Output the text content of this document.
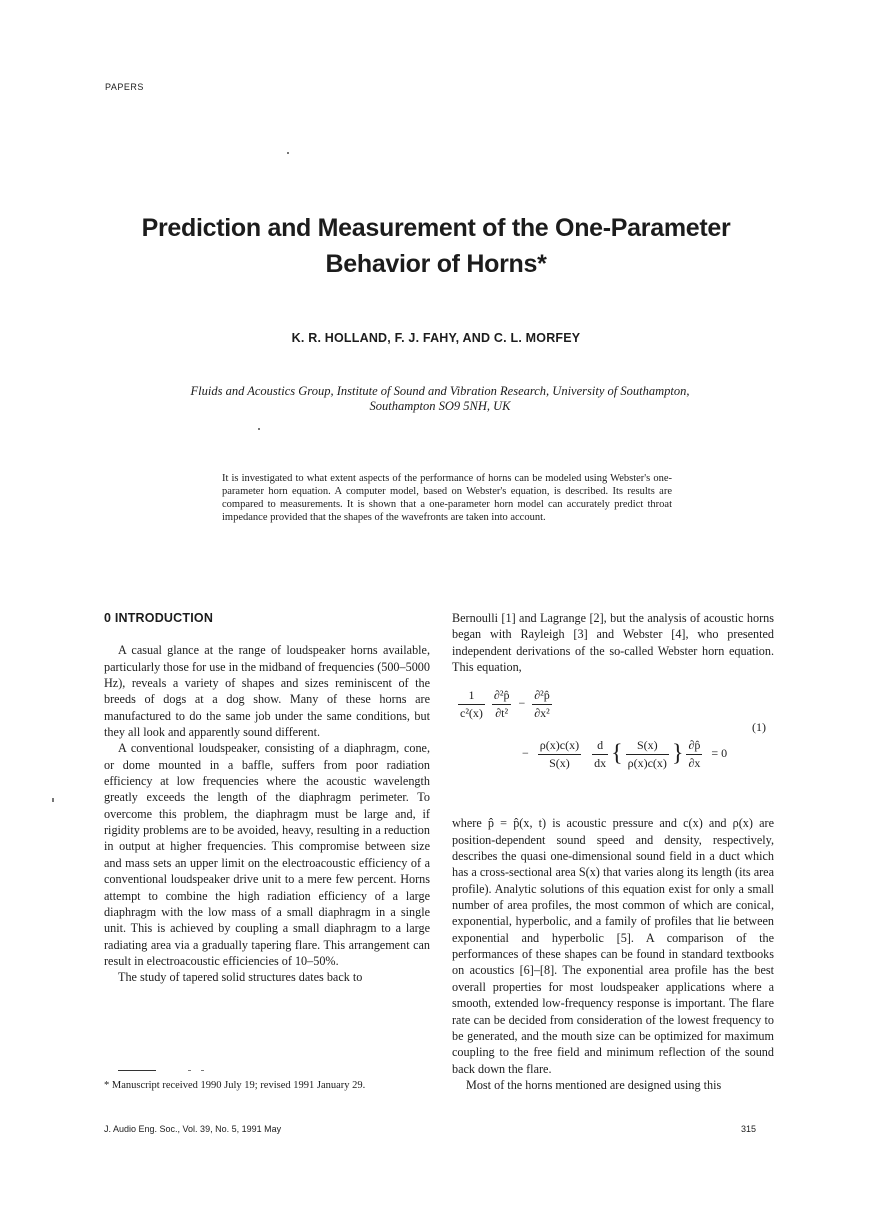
PAPERS
Prediction and Measurement of the One-Parameter
Behavior of Horns*
K. R. HOLLAND, F. J. FAHY, AND C. L. MORFEY
Fluids and Acoustics Group, Institute of Sound and Vibration Research, University of Southampton,
Southampton SO9 5NH, UK
It is investigated to what extent aspects of the performance of horns can be modeled using Webster's one-parameter horn equation. A computer model, based on Webster's equation, is described. Its results are compared to measurements. It is shown that a one-parameter horn model can accurately predict throat impedance provided that the shapes of the wavefronts are taken into account.
0 INTRODUCTION

A casual glance at the range of loudspeaker horns available, particularly those for use in the midband of frequencies (500–5000 Hz), reveals a variety of shapes and sizes reminiscent of the breeds of dogs at a dog show. Many of these horns are manufactured to do the same job under the same conditions, but they all look and apparently sound different.

A conventional loudspeaker, consisting of a diaphragm, cone, or dome mounted in a baffle, suffers from poor radiation efficiency at low frequencies where the acoustic wavelength greatly exceeds the length of the diaphragm perimeter. To overcome this problem, the diaphragm must be large and, if rigidity problems are to be avoided, heavy, resulting in a reduction in output at higher frequencies. This compromise between size and mass sets an upper limit on the electroacoustic efficiency of a conventional loudspeaker drive unit to a mere few percent. Horns attempt to combine the high radiation efficiency of a large diaphragm with the low mass of a small diaphragm in a single unit. This is achieved by coupling a small diaphragm to a large radiating area via a gradually tapering flare. This arrangement can result in electroacoustic efficiencies of 10–50%.

The study of tapered solid structures dates back to

Bernoulli [1] and Lagrange [2], but the analysis of acoustic horns began with Rayleigh [3] and Webster [4], who presented independent derivations of the so-called Webster horn equation. This equation,

$\frac{1}{\text{c²(x)}}$
$\frac{\text{∂²p̂}}{\text{∂t²}} - \frac{\text{∂²p̂}}{\text{∂x²}}$
(1)
− $\frac{\rho(x)c(x)}{S(x)}$
$\frac{d}{dx}$ { $\frac{S(x)}{\rho(x)c(x)}$ } $\frac{\partial p̂}{\partial x} = 0$

where p̂ = p̂(x, t) is acoustic pressure and c(x) and ρ(x) are position-dependent sound speed and density, respectively, describes the quasi one-dimensional sound field in a duct which has a cross-sectional area S(x) that varies along its length (its area profile). Analytic solutions of this equation exist for only a small number of area profiles, the most common of which are conical, exponential, hyperbolic, and a family of profiles that lie between exponential and hyperbolic [5]. A comparison of the performances of these shapes can be found in standard textbooks on acoustics [6]–[8]. The exponential area profile has the best overall properties for most loudspeaker applications where a smooth, extended low-frequency response is important. The flare rate can be decided from consideration of the lowest frequency to be generated, and the mouth size can be optimized for maximum coupling to the free field and minimum reflection of the sound back down the flare.

Most of the horns mentioned are designed using this

* Manuscript received 1990 July 19; revised 1991 January 29.
J. Audio Eng. Soc., Vol. 39, No. 5, 1991 May	315
